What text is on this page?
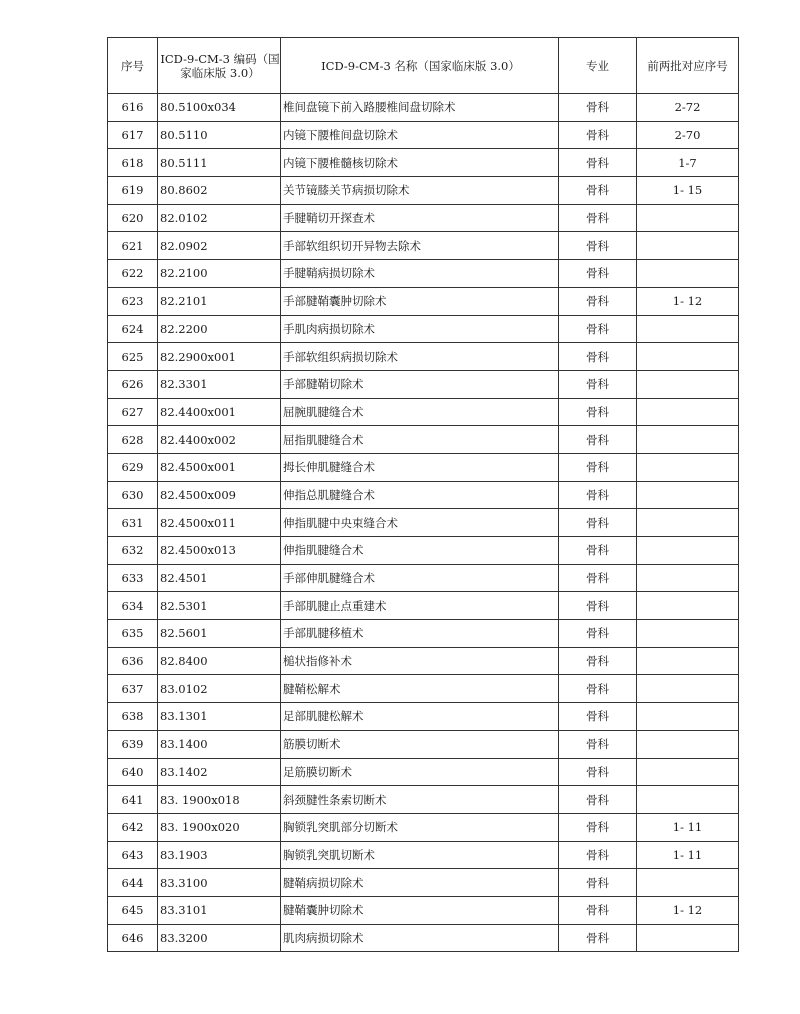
序号	ICD-9-CM-3 编码（国家临床版 3.0）	ICD-9-CM-3 名称（国家临床版 3.0）	专业	前两批对应序号
616	80.5100x034	椎间盘镜下前入路腰椎间盘切除术	骨科	2-72
617	80.5110	内镜下腰椎间盘切除术	骨科	2-70
618	80.5111	内镜下腰椎髓核切除术	骨科	1-7
619	80.8602	关节镜膝关节病损切除术	骨科	1- 15
620	82.0102	手腱鞘切开探查术	骨科	
621	82.0902	手部软组织切开异物去除术	骨科	
622	82.2100	手腱鞘病损切除术	骨科	
623	82.2101	手部腱鞘囊肿切除术	骨科	1- 12
624	82.2200	手肌肉病损切除术	骨科	
625	82.2900x001	手部软组织病损切除术	骨科	
626	82.3301	手部腱鞘切除术	骨科	
627	82.4400x001	屈腕肌腱缝合术	骨科	
628	82.4400x002	屈指肌腱缝合术	骨科	
629	82.4500x001	拇长伸肌腱缝合术	骨科	
630	82.4500x009	伸指总肌腱缝合术	骨科	
631	82.4500x011	伸指肌腱中央束缝合术	骨科	
632	82.4500x013	伸指肌腱缝合术	骨科	
633	82.4501	手部伸肌腱缝合术	骨科	
634	82.5301	手部肌腱止点重建术	骨科	
635	82.5601	手部肌腱移植术	骨科	
636	82.8400	槌状指修补术	骨科	
637	83.0102	腱鞘松解术	骨科	
638	83.1301	足部肌腱松解术	骨科	
639	83.1400	筋膜切断术	骨科	
640	83.1402	足筋膜切断术	骨科	
641	83. 1900x018	斜颈腱性条索切断术	骨科	
642	83. 1900x020	胸锁乳突肌部分切断术	骨科	1- 11
643	83.1903	胸锁乳突肌切断术	骨科	1- 11
644	83.3100	腱鞘病损切除术	骨科	
645	83.3101	腱鞘囊肿切除术	骨科	1- 12
646	83.3200	肌肉病损切除术	骨科	
